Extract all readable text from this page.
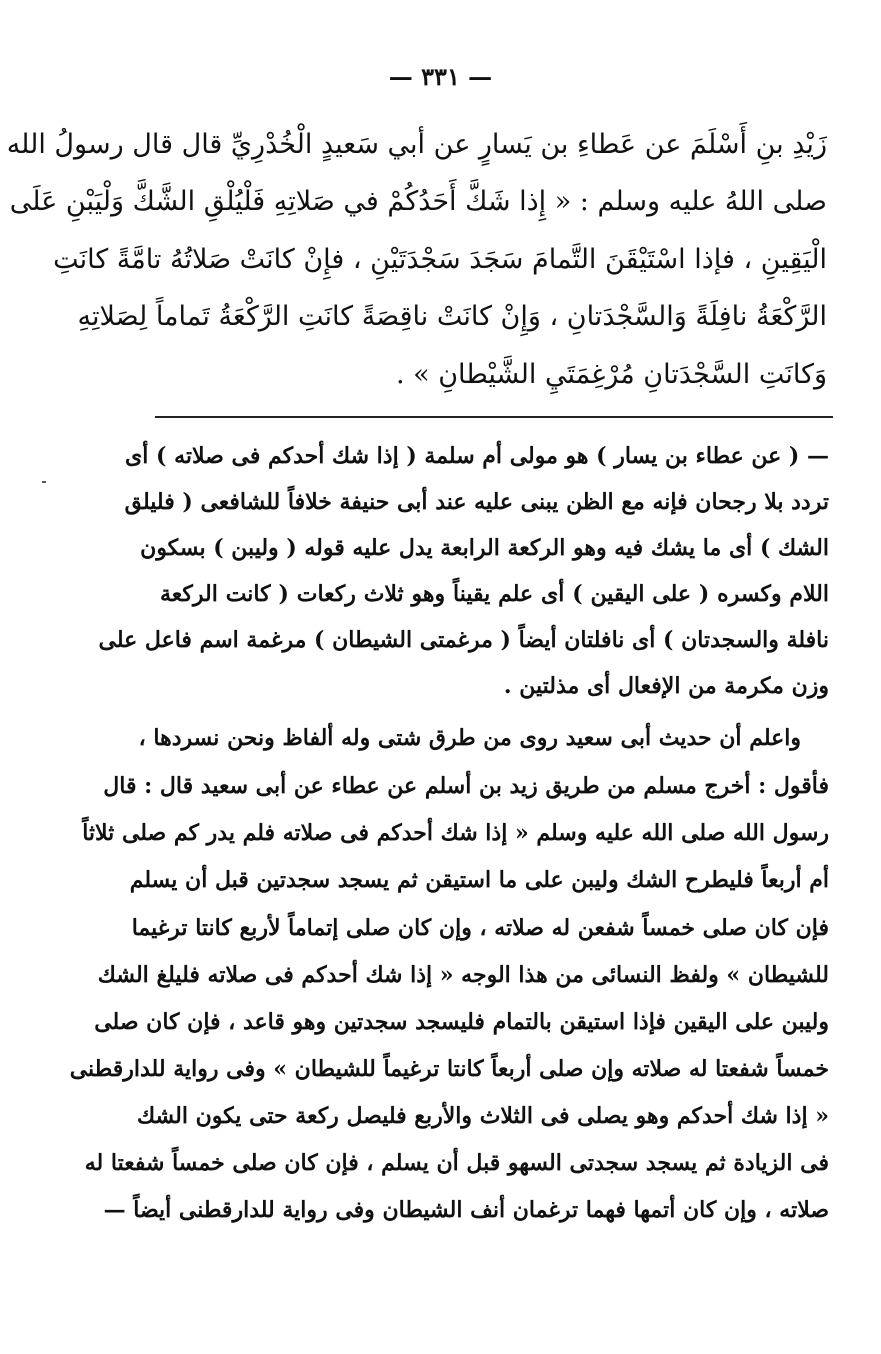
— ٣٣١ —
زَيْدِ بنِ أَسْلَمَ عن عَطاءِ بن يَسارٍ عن أبي سَعيدٍ الْخُدْرِيِّ قال قال رسولُ الله
صلى اللهُ عليه وسلم : « إِذا شَكَّ أَحَدُكُمْ في صَلاتِهِ فَلْيُلْقِ الشَّكَّ وَلْيَبْنِ عَلَى
الْيَقِينِ ، فإذا اسْتَيْقَنَ التَّمامَ سَجَدَ سَجْدَتَيْنِ ، فإِنْ كانَتْ صَلاتُهُ تامَّةً كانَتِ
الرَّكْعَةُ نافِلَةً وَالسَّجْدَتانِ ، وَإِنْ كانَتْ ناقِصَةً كانَتِ الرَّكْعَةُ تَماماً لِصَلاتِهِ
وَكانَتِ السَّجْدَتانِ مُرْغِمَتَيِ الشَّيْطانِ » .
— ( عن عطاء بن يسار ) هو مولى أم سلمة ( إذا شك أحدكم فى صلاته ) أى
تردد بلا رجحان فإنه مع الظن يبنى عليه عند أبى حنيفة خلافاً للشافعى ( فليلق
الشك ) أى ما يشك فيه وهو الركعة الرابعة يدل عليه قوله ( وليبن ) بسكون
اللام وكسره ( على اليقين ) أى علم يقيناً وهو ثلاث ركعات ( كانت الركعة
نافلة والسجدتان ) أى نافلتان أيضاً ( مرغمتى الشيطان ) مرغمة اسم فاعل على
وزن مكرمة من الإفعال أى مذلتين .
واعلم أن حديث أبى سعيد روى من طرق شتى وله ألفاظ ونحن نسردها ،
فأقول : أخرج مسلم من طريق زيد بن أسلم عن عطاء عن أبى سعيد قال : قال
رسول الله صلى الله عليه وسلم « إذا شك أحدكم فى صلاته فلم يدر كم صلى ثلاثاً
أم أربعاً فليطرح الشك وليبن على ما استيقن ثم يسجد سجدتين قبل أن يسلم
فإن كان صلى خمساً شفعن له صلاته ، وإن كان صلى إتماماً لأربع كانتا ترغيما
للشيطان » ولفظ النسائى من هذا الوجه « إذا شك أحدكم فى صلاته فليلغ الشك
وليبن على اليقين فإذا استيقن بالتمام فليسجد سجدتين وهو قاعد ، فإن كان صلى
خمساً شفعتا له صلاته وإن صلى أربعاً كانتا ترغيماً للشيطان » وفى رواية للدارقطنى
« إذا شك أحدكم وهو يصلى فى الثلاث والأربع فليصل ركعة حتى يكون الشك
فى الزيادة ثم يسجد سجدتى السهو قبل أن يسلم ، فإن كان صلى خمساً شفعتا له
صلاته ، وإن كان أتمها فهما ترغمان أنف الشيطان وفى رواية للدارقطنى أيضاً —
